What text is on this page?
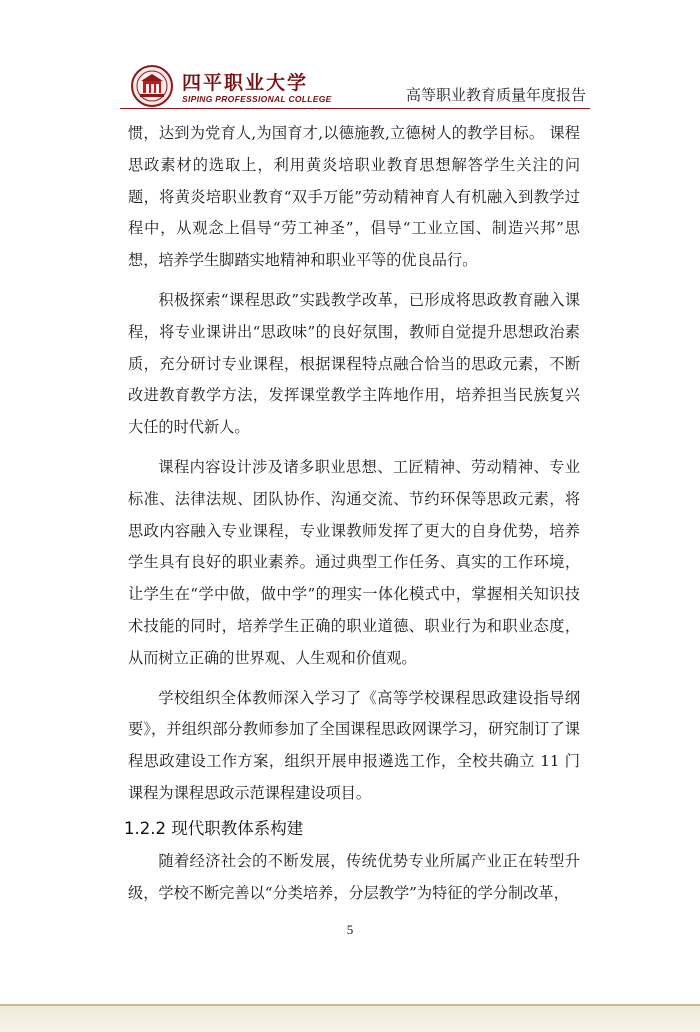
四平职业大学
SIPING PROFESSIONAL COLLEGE	高等职业教育质量年度报告

惯，达到为党育人,为国育才,以德施教,立德树人的教学目标。 课程思政素材的选取上，利用黄炎培职业教育思想解答学生关注的问题，将黄炎培职业教育“双手万能”劳动精神育人有机融入到教学过程中，从观念上倡导“劳工神圣”，倡导“工业立国、制造兴邦”思想，培养学生脚踏实地精神和职业平等的优良品行。

积极探索“课程思政”实践教学改革，已形成将思政教育融入课程，将专业课讲出“思政味”的良好氛围，教师自觉提升思想政治素质，充分研讨专业课程，根据课程特点融合恰当的思政元素，不断改进教育教学方法，发挥课堂教学主阵地作用，培养担当民族复兴大任的时代新人。

课程内容设计涉及诸多职业思想、工匠精神、劳动精神、专业标准、法律法规、团队协作、沟通交流、节约环保等思政元素，将思政内容融入专业课程，专业课教师发挥了更大的自身优势，培养学生具有良好的职业素养。通过典型工作任务、真实的工作环境，让学生在“学中做，做中学”的理实一体化模式中，掌握相关知识技术技能的同时，培养学生正确的职业道德、职业行为和职业态度，从而树立正确的世界观、人生观和价值观。

学校组织全体教师深入学习了《高等学校课程思政建设指导纲要》，并组织部分教师参加了全国课程思政网课学习，研究制订了课程思政建设工作方案，组织开展申报遴选工作，全校共确立 11 门课程为课程思政示范课程建设项目。

1.2.2 现代职教体系构建

随着经济社会的不断发展，传统优势专业所属产业正在转型升级，学校不断完善以“分类培养，分层教学”为特征的学分制改革，

5
